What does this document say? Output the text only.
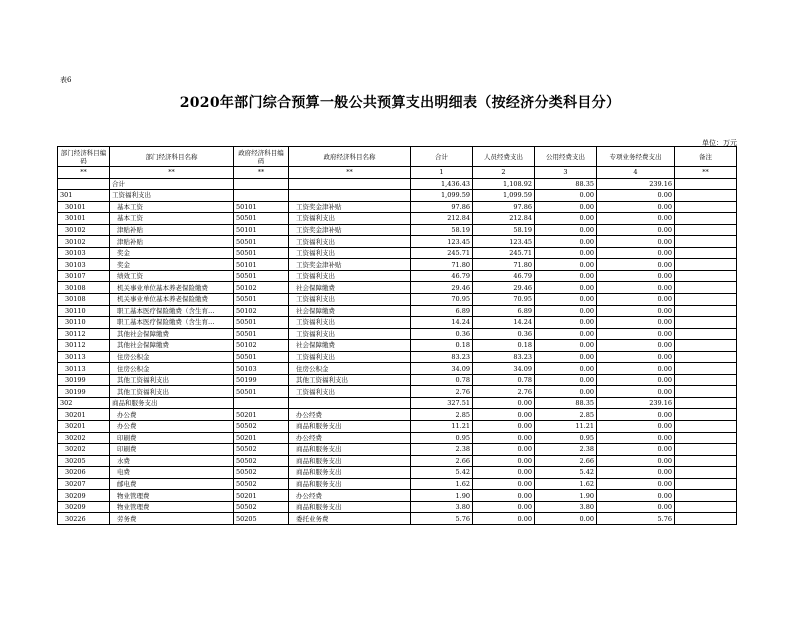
表6
2020年部门综合预算一般公共预算支出明细表（按经济分类科目分）
单位：万元
部门经济科目编码	部门经济科目名称	政府经济科目编码	政府经济科目名称	合计	人员经费支出	公用经费支出	专项业务经费支出	备注
**	**	**	**	1	2	3	4	**
	合计			1,436.43	1,108.92	88.35	239.16	
301	工资福利支出			1,099.59	1,099.59	0.00	0.00	
30101	基本工资	50101	工资奖金津补贴	97.86	97.86	0.00	0.00	
30101	基本工资	50501	工资福利支出	212.84	212.84	0.00	0.00	
30102	津贴补贴	50101	工资奖金津补贴	58.19	58.19	0.00	0.00	
30102	津贴补贴	50501	工资福利支出	123.45	123.45	0.00	0.00	
30103	奖金	50501	工资福利支出	245.71	245.71	0.00	0.00	
30103	奖金	50101	工资奖金津补贴	71.80	71.80	0.00	0.00	
30107	绩效工资	50501	工资福利支出	46.79	46.79	0.00	0.00	
30108	机关事业单位基本养老保险缴费	50102	社会保障缴费	29.46	29.46	0.00	0.00	
30108	机关事业单位基本养老保险缴费	50501	工资福利支出	70.95	70.95	0.00	0.00	
30110	职工基本医疗保险缴费（含生育…	50102	社会保障缴费	6.89	6.89	0.00	0.00	
30110	职工基本医疗保险缴费（含生育…	50501	工资福利支出	14.24	14.24	0.00	0.00	
30112	其他社会保障缴费	50501	工资福利支出	0.36	0.36	0.00	0.00	
30112	其他社会保障缴费	50102	社会保障缴费	0.18	0.18	0.00	0.00	
30113	住房公积金	50501	工资福利支出	83.23	83.23	0.00	0.00	
30113	住房公积金	50103	住房公积金	34.09	34.09	0.00	0.00	
30199	其他工资福利支出	50199	其他工资福利支出	0.78	0.78	0.00	0.00	
30199	其他工资福利支出	50501	工资福利支出	2.76	2.76	0.00	0.00	
302	商品和服务支出			327.51	0.00	88.35	239.16	
30201	办公费	50201	办公经费	2.85	0.00	2.85	0.00	
30201	办公费	50502	商品和服务支出	11.21	0.00	11.21	0.00	
30202	印刷费	50201	办公经费	0.95	0.00	0.95	0.00	
30202	印刷费	50502	商品和服务支出	2.38	0.00	2.38	0.00	
30205	水费	50502	商品和服务支出	2.66	0.00	2.66	0.00	
30206	电费	50502	商品和服务支出	5.42	0.00	5.42	0.00	
30207	邮电费	50502	商品和服务支出	1.62	0.00	1.62	0.00	
30209	物业管理费	50201	办公经费	1.90	0.00	1.90	0.00	
30209	物业管理费	50502	商品和服务支出	3.80	0.00	3.80	0.00	
30226	劳务费	50205	委托业务费	5.76	0.00	0.00	5.76	
